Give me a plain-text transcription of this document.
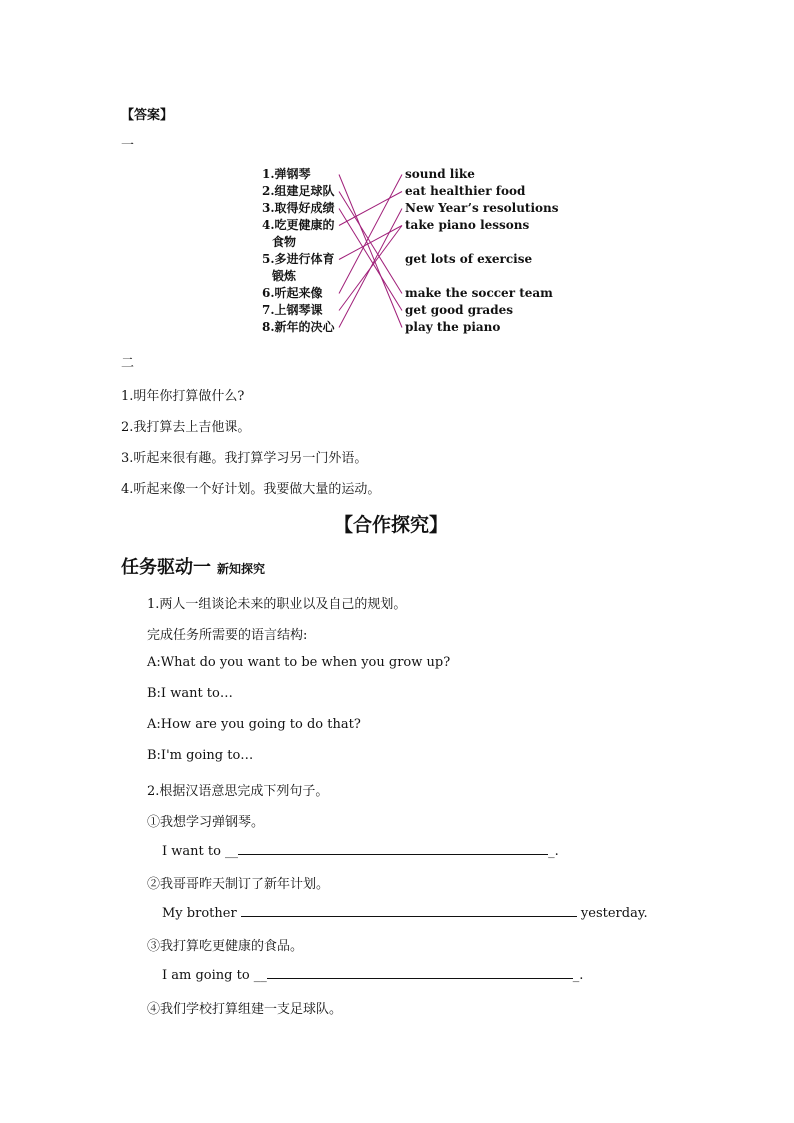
【答案】
一
1.弹钢琴
2.组建足球队
3.取得好成绩
4.吃更健康的
食物
5.多进行体育
锻炼
6.听起来像
7.上钢琴课
8.新年的决心
sound like
eat healthier food
New Year’s resolutions
take piano lessons
get lots of exercise
make the soccer team
get good grades
play the piano
二
1.明年你打算做什么?
2.我打算去上吉他课。
3.听起来很有趣。我打算学习另一门外语。
4.听起来像一个好计划。我要做大量的运动。
【合作探究】
任务驱动一 新知探究
1.两人一组谈论未来的职业以及自己的规划。
完成任务所需要的语言结构:
A:What do you want to be when you grow up?
B:I want to…
A:How are you going to do that?
B:I'm going to…
2.根据汉语意思完成下列句子。
①我想学习弹钢琴。
I want to __	_.
②我哥哥昨天制订了新年计划。
My brother	yesterday.
③我打算吃更健康的食品。
I am going to __	_.
④我们学校打算组建一支足球队。
